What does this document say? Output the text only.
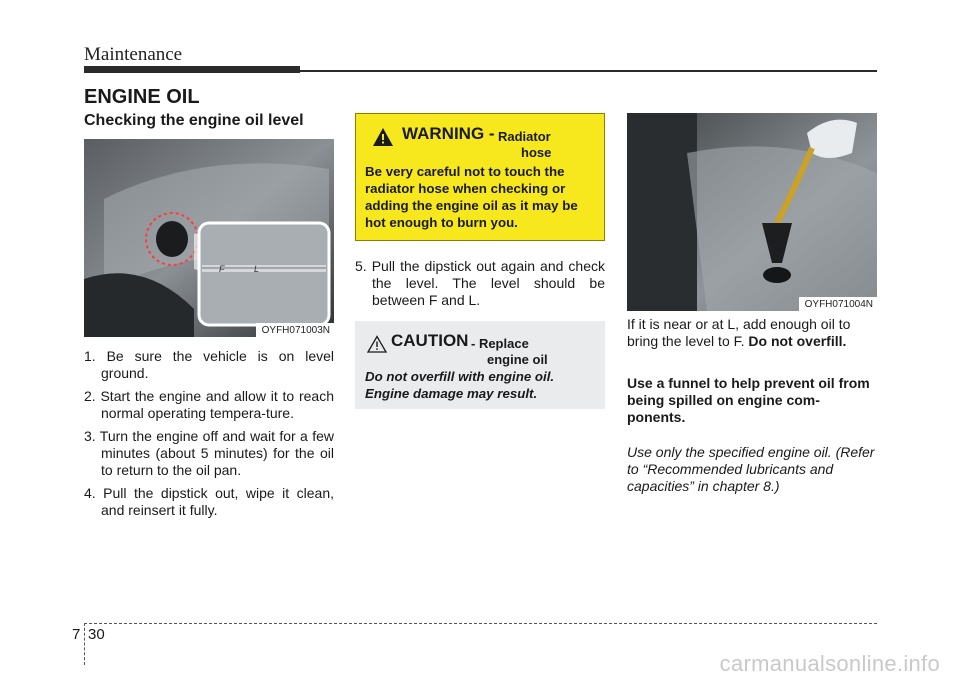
Maintenance
ENGINE OIL
Checking the engine oil level
F	L
OYFH071003N
1. Be sure the vehicle is on level ground.
2. Start the engine and allow it to reach normal operating tempera-ture.
3. Turn the engine off and wait for a few minutes (about 5 minutes) for the oil to return to the oil pan.
4. Pull the dipstick out, wipe it clean, and reinsert it fully.
WARNING - Radiator
hose
Be very careful not to touch the radiator hose when checking or adding the engine oil as it may be hot enough to burn you.
5. Pull the dipstick out again and check the level. The level should be between F and L.
CAUTION - Replace
engine oil
Do not overfill with engine oil. Engine damage may result.
OYFH071004N
If it is near or at L, add enough oil to bring the level to F. Do not overfill.
Use a funnel to help prevent oil from being spilled on engine com-ponents.
Use only the specified engine oil. (Refer to “Recommended lubricants and capacities” in chapter 8.)
7 30
carmanualsonline.info
